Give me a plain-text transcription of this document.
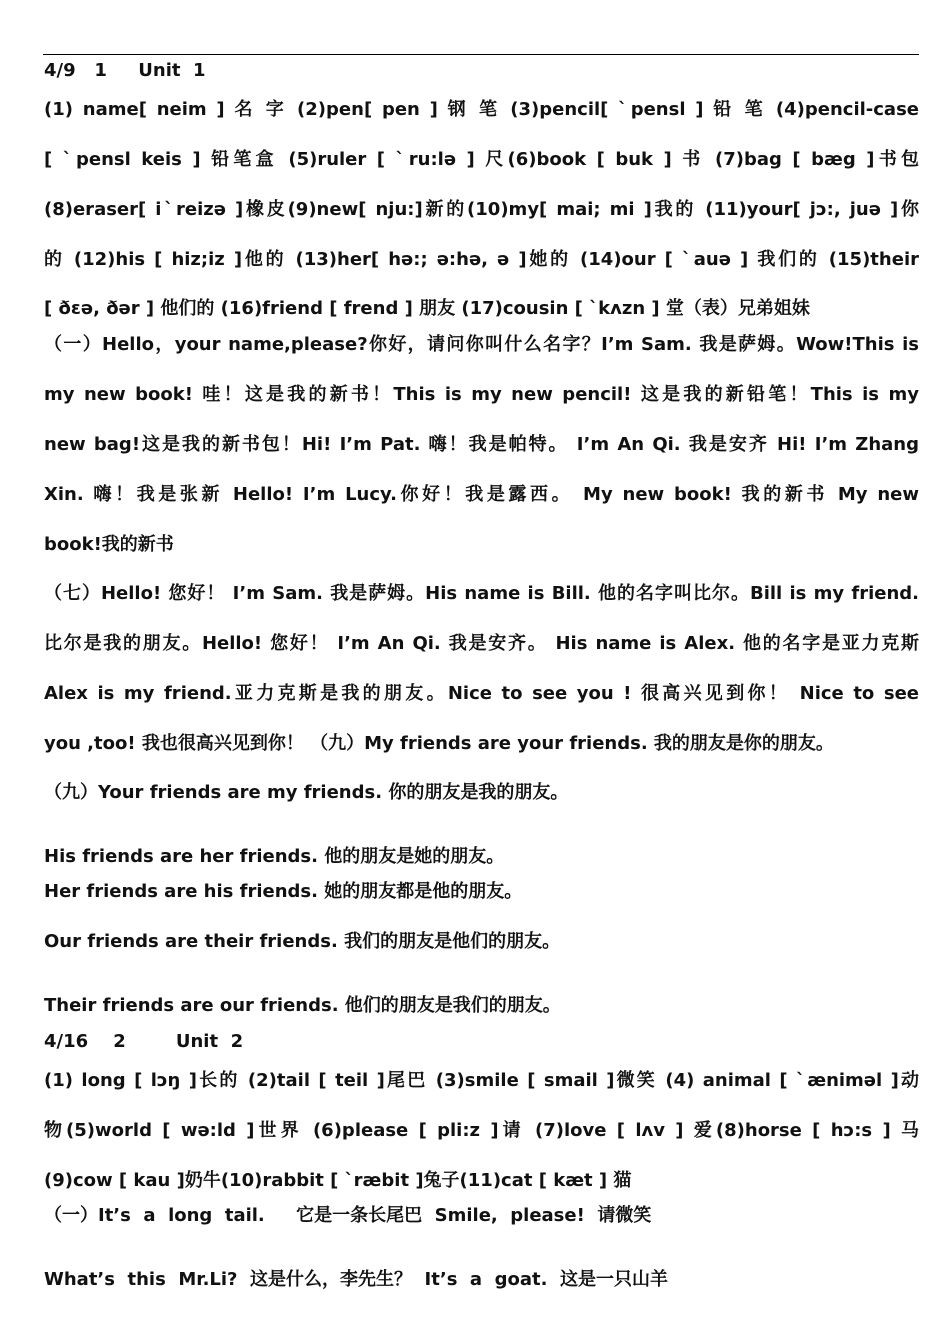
4/9   1     Unit  1
(1) name[ neim ] 名 字 (2)pen[ pen ] 钢 笔 (3)pencil[ ˋpensl ] 铅 笔 (4)pencil-case
[ ˋpensl keis ] 铅笔盒 (5)ruler [ ˋru:lə ] 尺(6)book [ buk ] 书 (7)bag [ bæg ]书包
(8)eraser[ iˋreizə ]橡皮(9)new[ nju:]新的(10)my[ mai; mi ]我的 (11)your[ jɔ:, juə ]你
的 (12)his [ hiz;iz ]他的 (13)her[ hə:; ə:hə, ə ]她的 (14)our [ ˋauə ] 我们的 (15)their
[ ðεə, ðər ] 他们的 (16)friend [ frend ] 朋友 (17)cousin [ ˋkʌzn ] 堂（表）兄弟姐妹
（一）Hello，your name,please?你好，请问你叫什么名字？I’m Sam. 我是萨姆。Wow!This is
my new book! 哇！这是我的新书！This is my new pencil! 这是我的新铅笔！This is my
new bag!这是我的新书包！Hi! I’m Pat. 嗨！我是帕特。 I’m An Qi. 我是安齐 Hi! I’m Zhang
Xin. 嗨！我是张新 Hello! I’m Lucy.你好！我是露西。 My new book! 我的新书 My new
book!我的新书
（七）Hello! 您好！ I’m Sam. 我是萨姆。His name is Bill. 他的名字叫比尔。Bill is my friend.
比尔是我的朋友。Hello! 您好！ I’m An Qi. 我是安齐。 His name is Alex. 他的名字是亚力克斯
Alex is my friend.亚力克斯是我的朋友。Nice to see you ! 很高兴见到你！ Nice to see
you ,too! 我也很高兴见到你！ （九）My friends are your friends. 我的朋友是你的朋友。
（九）Your friends are my friends. 你的朋友是我的朋友。
His friends are her friends. 他的朋友是她的朋友。
Her friends are his friends. 她的朋友都是他的朋友。
Our friends are their friends. 我们的朋友是他们的朋友。
Their friends are our friends. 他们的朋友是我们的朋友。
4/16    2        Unit  2
(1) long [ lɔŋ ]长的 (2)tail [ teil ]尾巴 (3)smile [ smail ]微笑 (4) animal [ ˋæniməl ]动
物(5)world [ wə:ld ]世界 (6)please [ pli:z ]请 (7)love [ lʌv ] 爱(8)horse [ hɔ:s ] 马
(9)cow [ kau ]奶牛(10)rabbit [ ˋræbit ]兔子(11)cat [ kæt ] 猫
（一）It’s  a  long  tail.     它是一条长尾巴  Smile,  please!  请微笑
What’s  this  Mr.Li?  这是什么，李先生？  It’s  a  goat.  这是一只山羊
